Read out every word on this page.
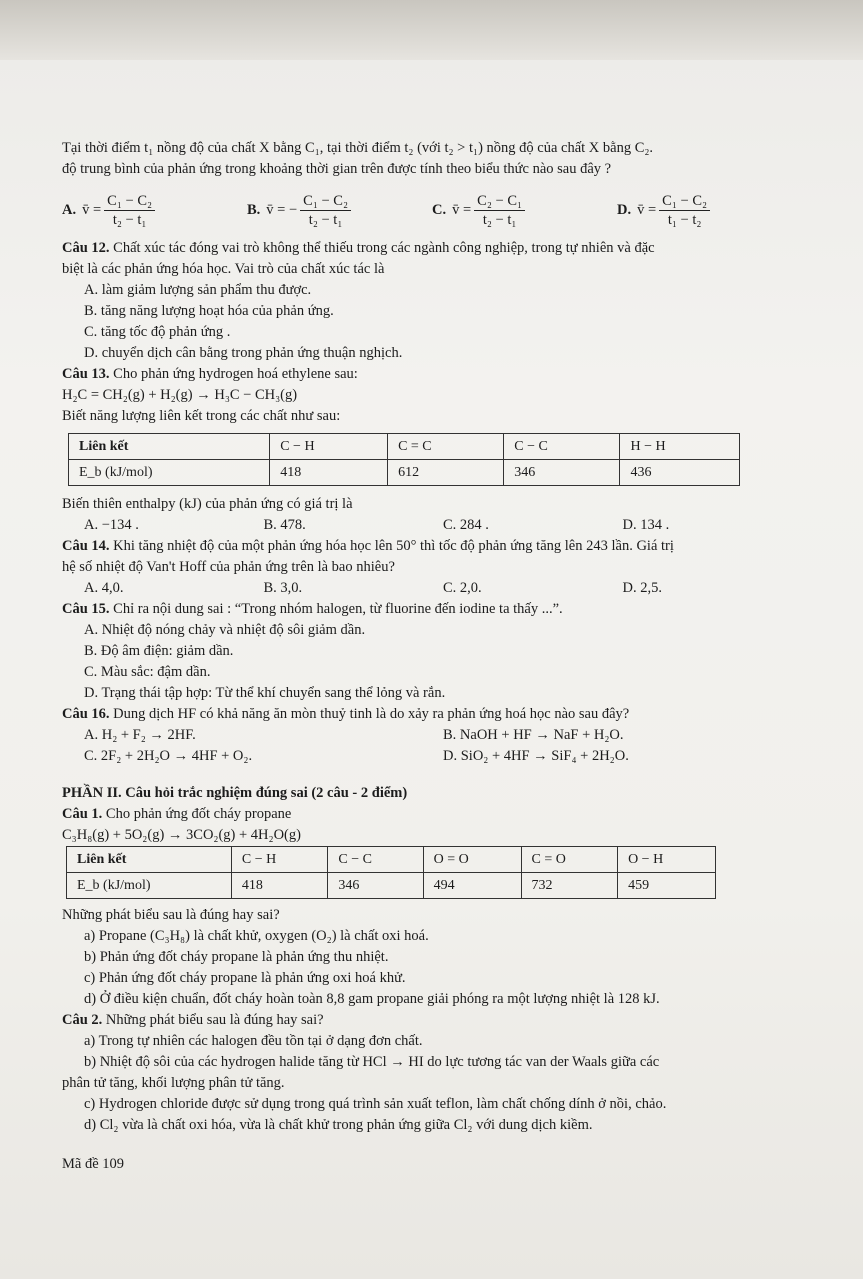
Tại thời điểm t₁ nồng độ của chất X bằng C₁, tại thời điểm t₂ (với t₂ > t₁) nồng độ của chất X bằng C₂.

độ trung bình của phản ứng trong khoảng thời gian trên được tính theo biểu thức nào sau đây ?

A. v̄ = $\frac{\text{C₁ − C₂}}{\text{t₂ − t₁}}$	B. v̄ = − $\frac{\text{C₁ − C₂}}{\text{t₂ − t₁}}$	C. v̄ = $\frac{\text{C₂ − C₁}}{\text{t₂ − t₁}}$	D. v̄ = $\frac{\text{C₁ − C₂}}{\text{t₁ − t₂}}$

Câu 12. Chất xúc tác đóng vai trò không thể thiếu trong các ngành công nghiệp, trong tự nhiên và đặc

biệt là các phản ứng hóa học. Vai trò của chất xúc tác là

A. làm giảm lượng sản phẩm thu được.

B. tăng năng lượng hoạt hóa của phản ứng.

C. tăng tốc độ phản ứng .

D. chuyển dịch cân bằng trong phản ứng thuận nghịch.

Câu 13. Cho phản ứng hydrogen hoá ethylene sau:

H₂C = CH₂(g) + H₂(g) → H₃C − CH₃(g)

Biết năng lượng liên kết trong các chất như sau:

Liên kết	C − H	C = C	C − C	H − H
E_b (kJ/mol)	418	612	346	436

Biến thiên enthalpy (kJ) của phản ứng có giá trị là

A. −134 .	B. 478.	C. 284 .	D. 134 .

Câu 14. Khi tăng nhiệt độ của một phản ứng hóa học lên 50° thì tốc độ phản ứng tăng lên 243 lần. Giá trị

hệ số nhiệt độ Van't Hoff của phản ứng trên là bao nhiêu?

A. 4,0.	B. 3,0.	C. 2,0.	D. 2,5.

Câu 15. Chỉ ra nội dung sai : “Trong nhóm halogen, từ fluorine đến iodine ta thấy ...”.

A. Nhiệt độ nóng chảy và nhiệt độ sôi giảm dần.

B. Độ âm điện: giảm dần.

C. Màu sắc: đậm dần.

D. Trạng thái tập hợp: Từ thể khí chuyển sang thể lỏng và rắn.

Câu 16. Dung dịch HF có khả năng ăn mòn thuỷ tinh là do xảy ra phản ứng hoá học nào sau đây?

A. H₂ + F₂ → 2HF.	B. NaOH + HF → NaF + H₂O.
C. 2F₂ + 2H₂O → 4HF + O₂.	D. SiO₂ + 4HF → SiF₄ + 2H₂O.

PHẦN II. Câu hỏi trắc nghiệm đúng sai (2 câu - 2 điểm)

Câu 1. Cho phản ứng đốt cháy propane

C₃H₈(g) + 5O₂(g) → 3CO₂(g) + 4H₂O(g)

Liên kết	C − H	C − C	O = O	C = O	O − H
E_b (kJ/mol)	418	346	494	732	459

Những phát biểu sau là đúng hay sai?

a) Propane (C₃H₈) là chất khử, oxygen (O₂) là chất oxi hoá.

b) Phản ứng đốt cháy propane là phản ứng thu nhiệt.

c) Phản ứng đốt cháy propane là phản ứng oxi hoá khử.

d) Ở điều kiện chuẩn, đốt cháy hoàn toàn 8,8 gam propane giải phóng ra một lượng nhiệt là 128 kJ.

Câu 2. Những phát biểu sau là đúng hay sai?

a) Trong tự nhiên các halogen đều tồn tại ở dạng đơn chất.

b) Nhiệt độ sôi của các hydrogen halide tăng từ HCl → HI do lực tương tác van der Waals giữa các

phân tử tăng, khối lượng phân tử tăng.

c) Hydrogen chloride được sử dụng trong quá trình sản xuất teflon, làm chất chống dính ở nồi, chảo.

d) Cl₂ vừa là chất oxi hóa, vừa là chất khử trong phản ứng giữa Cl₂ với dung dịch kiềm.

Mã đề 109
